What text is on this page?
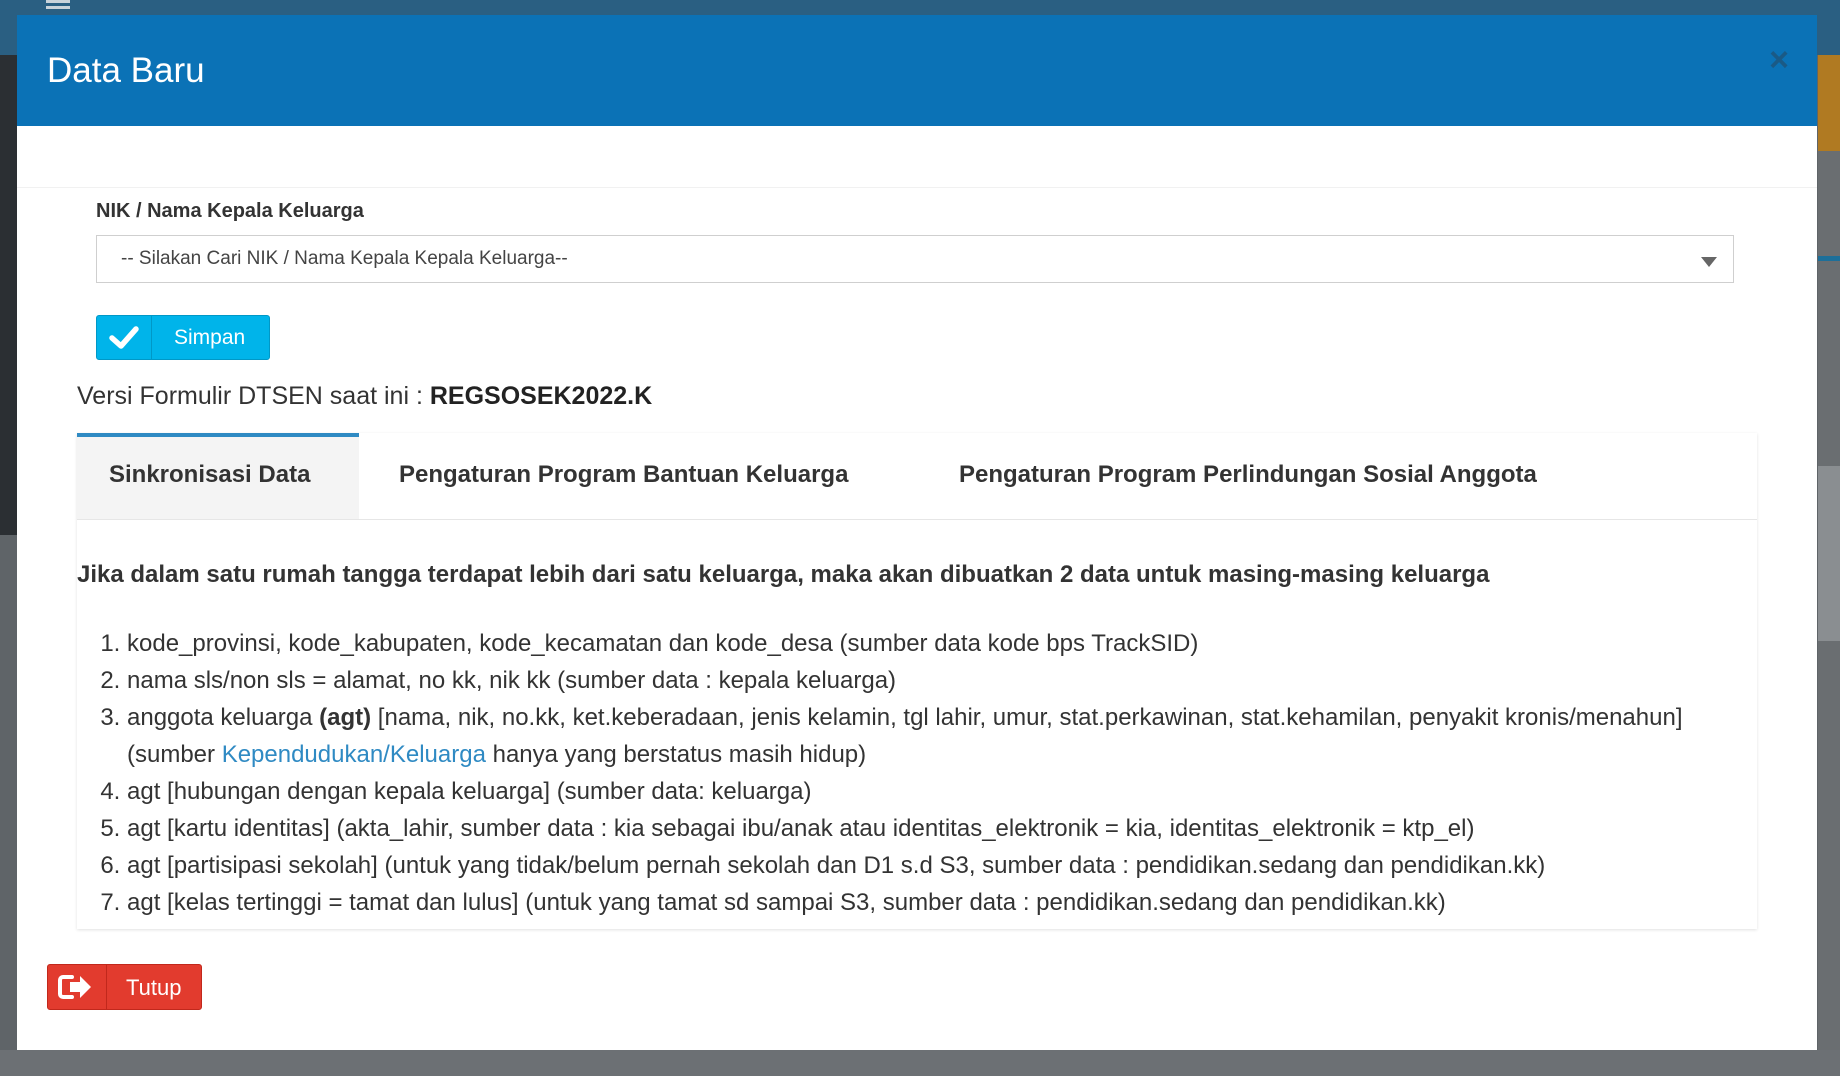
Data Baru	×
NIK / Nama Kepala Keluarga
-- Silakan Cari NIK / Nama Kepala Kepala Keluarga--
Simpan
Versi Formulir DTSEN saat ini : REGSOSEK2022.K
Sinkronisasi Data	Pengaturan Program Bantuan Keluarga	Pengaturan Program Perlindungan Sosial Anggota
Jika dalam satu rumah tangga terdapat lebih dari satu keluarga, maka akan dibuatkan 2 data untuk masing-masing keluarga
1. kode_provinsi, kode_kabupaten, kode_kecamatan dan kode_desa (sumber data kode bps TrackSID)
2. nama sls/non sls = alamat, no kk, nik kk (sumber data : kepala keluarga)
3. anggota keluarga (agt) [nama, nik, no.kk, ket.keberadaan, jenis kelamin, tgl lahir, umur, stat.perkawinan, stat.kehamilan, penyakit kronis/menahun] (sumber Kependudukan/Keluarga hanya yang berstatus masih hidup)
4. agt [hubungan dengan kepala keluarga] (sumber data: keluarga)
5. agt [kartu identitas] (akta_lahir, sumber data : kia sebagai ibu/anak atau identitas_elektronik = kia, identitas_elektronik = ktp_el)
6. agt [partisipasi sekolah] (untuk yang tidak/belum pernah sekolah dan D1 s.d S3, sumber data : pendidikan.sedang dan pendidikan.kk)
7. agt [kelas tertinggi = tamat dan lulus] (untuk yang tamat sd sampai S3, sumber data : pendidikan.sedang dan pendidikan.kk)
Tutup
